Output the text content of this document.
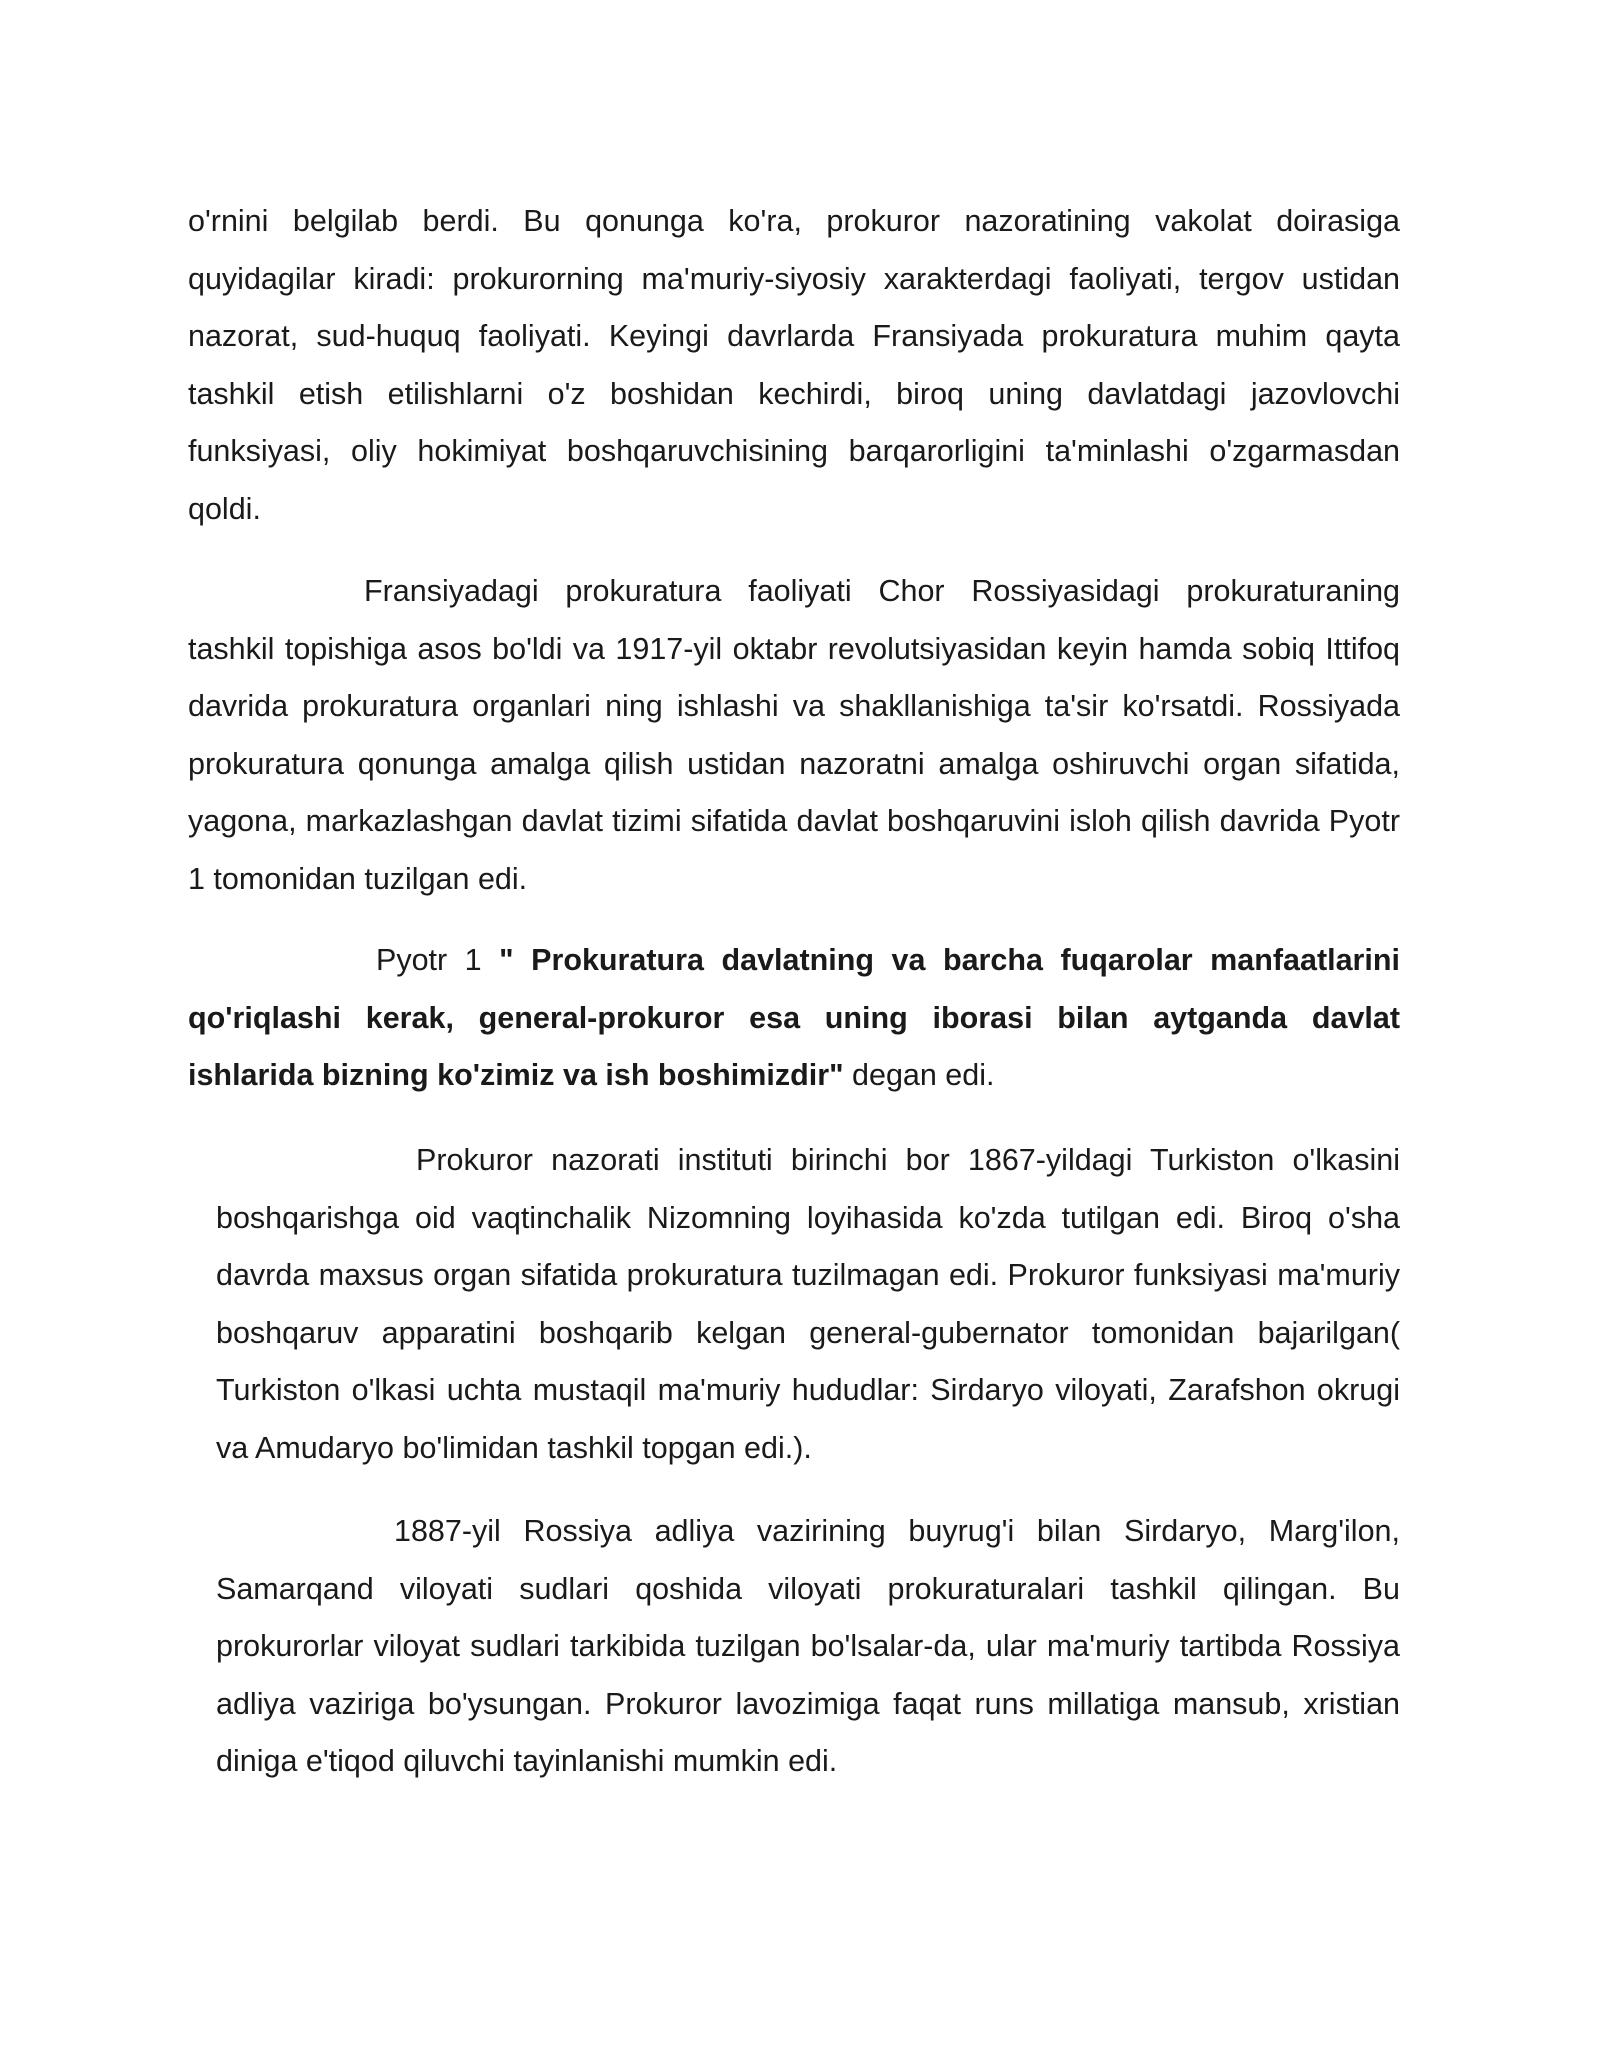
o'rnini belgilab berdi. Bu qonunga ko'ra, prokuror nazoratining vakolat doirasiga quyidagilar kiradi: prokurorning ma'muriy-siyosiy xarakterdagi faoliyati, tergov ustidan nazorat, sud-huquq faoliyati. Keyingi davrlarda Fransiyada prokuratura muhim qayta tashkil etish etilishlarni o'z boshidan kechirdi, biroq uning davlatdagi jazovlovchi funksiyasi, oliy hokimiyat boshqaruvchisining barqarorligini ta'minlashi o'zgarmasdan qoldi.

Fransiyadagi prokuratura faoliyati Chor Rossiyasidagi prokuraturaning tashkil topishiga asos bo'ldi va 1917-yil oktabr revolutsiyasidan keyin hamda sobiq Ittifoq davrida prokuratura organlari ning ishlashi va shakllanishiga ta'sir ko'rsatdi. Rossiyada prokuratura qonunga amalga qilish ustidan nazoratni amalga oshiruvchi organ sifatida, yagona, markazlashgan davlat tizimi sifatida davlat boshqaruvini isloh qilish davrida Pyotr 1 tomonidan tuzilgan edi.

Pyotr 1 " Prokuratura davlatning va barcha fuqarolar manfaatlarini qo'riqlashi kerak, general-prokuror esa uning iborasi bilan aytganda davlat ishlarida bizning ko'zimiz va ish boshimizdir" degan edi.

Prokuror nazorati instituti birinchi bor 1867-yildagi Turkiston o'lkasini boshqarishga oid vaqtinchalik Nizomning loyihasida ko'zda tutilgan edi. Biroq o'sha davrda maxsus organ sifatida prokuratura tuzilmagan edi. Prokuror funksiyasi ma'muriy boshqaruv apparatini boshqarib kelgan general-gubernator tomonidan bajarilgan( Turkiston o'lkasi uchta mustaqil ma'muriy hududlar: Sirdaryo viloyati, Zarafshon okrugi va Amudaryo bo'limidan tashkil topgan edi.).

1887-yil Rossiya adliya vazirining buyrug'i bilan Sirdaryo, Marg'ilon, Samarqand viloyati sudlari qoshida viloyati prokuraturalari tashkil qilingan. Bu prokurorlar viloyat sudlari tarkibida tuzilgan bo'lsalar-da, ular ma'muriy tartibda Rossiya adliya vaziriga bo'ysungan. Prokuror lavozimiga faqat runs millatiga mansub, xristian diniga e'tiqod qiluvchi tayinlanishi mumkin edi.
